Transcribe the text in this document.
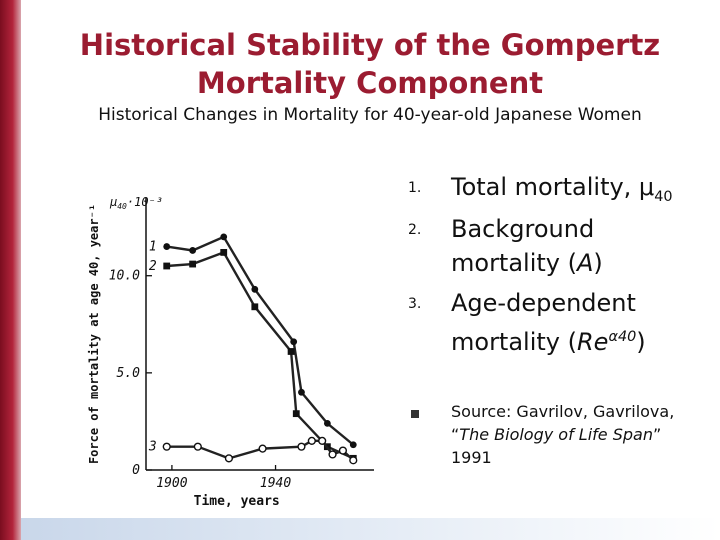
Historical Stability of the Gompertz Mortality Component
Historical Changes in Mortality for 40-year-old Japanese Women
0
5.0
10.0
1900	1940
$\mu_{40}\cdot 10^{-3}$
Time, years
Force of mortality at age 40, year⁻¹	1
2
3
1. Total mortality, $\mu_{40}$
2. Background mortality (A)
3. Age-dependent mortality $(Re^{\alpha 40})$
Source: Gavrilov, Gavrilova,
“The Biology of Life Span”
1991
